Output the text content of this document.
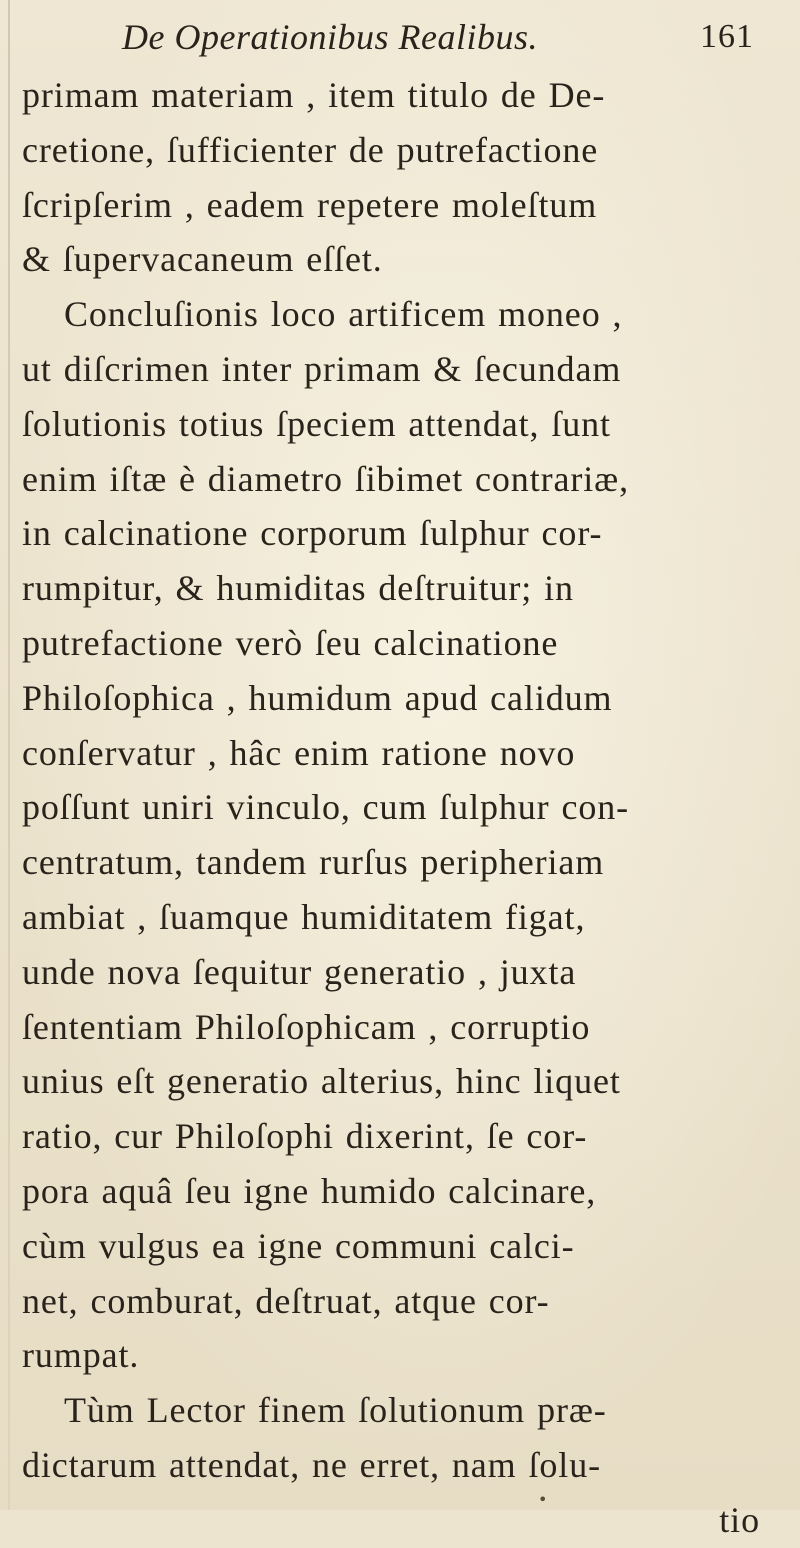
De Operationibus Realibus.	161
primam materiam , item titulo de De-
cretione, ſufficienter de putrefactione
ſcripſerim , eadem repetere moleſtum
& ſupervacaneum eſſet.
Concluſionis loco artificem moneo ,
ut diſcrimen inter primam & ſecundam
ſolutionis totius ſpeciem attendat, ſunt
enim iſtæ è diametro ſibimet contrariæ,
in calcinatione corporum ſulphur cor-
rumpitur, & humiditas deſtruitur; in
putrefactione verò ſeu calcinatione
Philoſophica , humidum apud calidum
conſervatur , hâc enim ratione novo
poſſunt uniri vinculo, cum ſulphur con-
centratum, tandem rurſus peripheriam
ambiat , ſuamque humiditatem figat,
unde nova ſequitur generatio , juxta
ſententiam Philoſophicam , corruptio
unius eſt generatio alterius, hinc liquet
ratio, cur Philoſophi dixerint, ſe cor-
pora aquâ ſeu igne humido calcinare,
cùm vulgus ea igne communi calci-
net, comburat, deſtruat, atque cor-
rumpat.
Tùm Lector finem ſolutionum præ-
dictarum attendat, ne erret, nam ſolu-
tio
•
